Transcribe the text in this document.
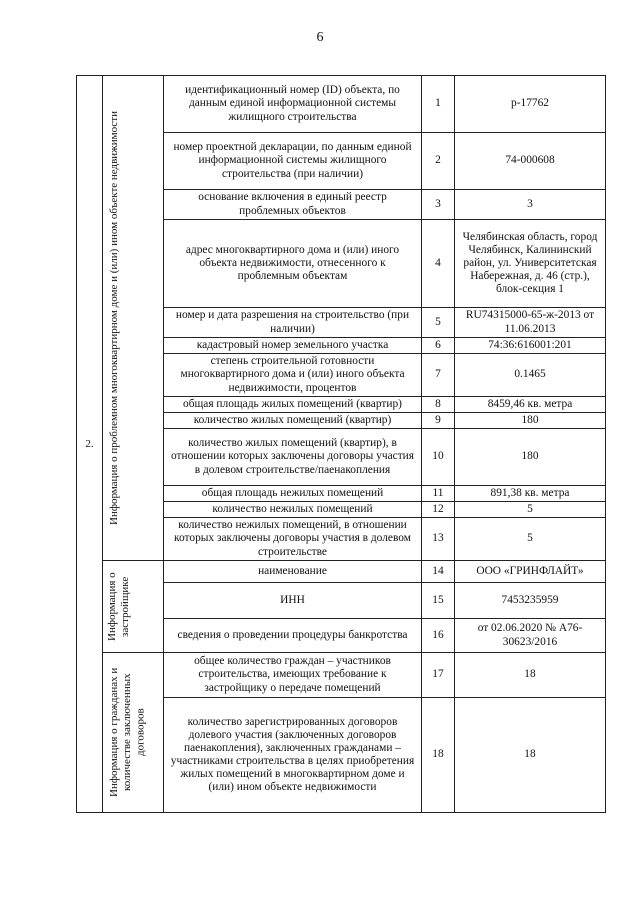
6
2.	Информация о проблемном многоквартирном доме и (или) ином объекте недвижимости	идентификационный номер (ID) объекта, по данным единой информационной системы жилищного строительства	1	р-17762
		номер проектной декларации, по данным единой информационной системы жилищного строительства (при наличии)	2	74-000608
		основание включения в единый реестр проблемных объектов	3	3
		адрес многоквартирного дома и (или) иного объекта недвижимости, отнесенного к проблемным объектам	4	Челябинская область, город Челябинск, Калининский район, ул. Университетская Набережная, д. 46 (стр.), блок-секция 1
		номер и дата разрешения на строительство (при наличии)	5	RU74315000-65-ж-2013 от 11.06.2013
		кадастровый номер земельного участка	6	74:36:616001:201
		степень строительной готовности многоквартирного дома и (или) иного объекта недвижимости, процентов	7	0.1465
		общая площадь жилых помещений (квартир)	8	8459,46 кв. метра
		количество жилых помещений (квартир)	9	180
		количество жилых помещений (квартир), в отношении которых заключены договоры участия в долевом строительстве/паенакопления	10	180
		общая площадь нежилых помещений	11	891,38 кв. метра
		количество нежилых помещений	12	5
		количество нежилых помещений, в отношении которых заключены договоры участия в долевом строительстве	13	5

	Информация о застройщике	наименование	14	ООО «ГРИНФЛАЙТ»
		ИНН	15	7453235959
		сведения о проведении процедуры банкротства	16	от 02.06.2020 № А76-30623/2016

	Информация о гражданах и количестве заключенных договоров	общее количество граждан – участников строительства, имеющих требование к застройщику о передаче помещений	17	18
		количество зарегистрированных договоров долевого участия (заключенных договоров паенакопления), заключенных гражданами – участниками строительства в целях приобретения жилых помещений в многоквартирном доме и (или) ином объекте недвижимости	18	18
